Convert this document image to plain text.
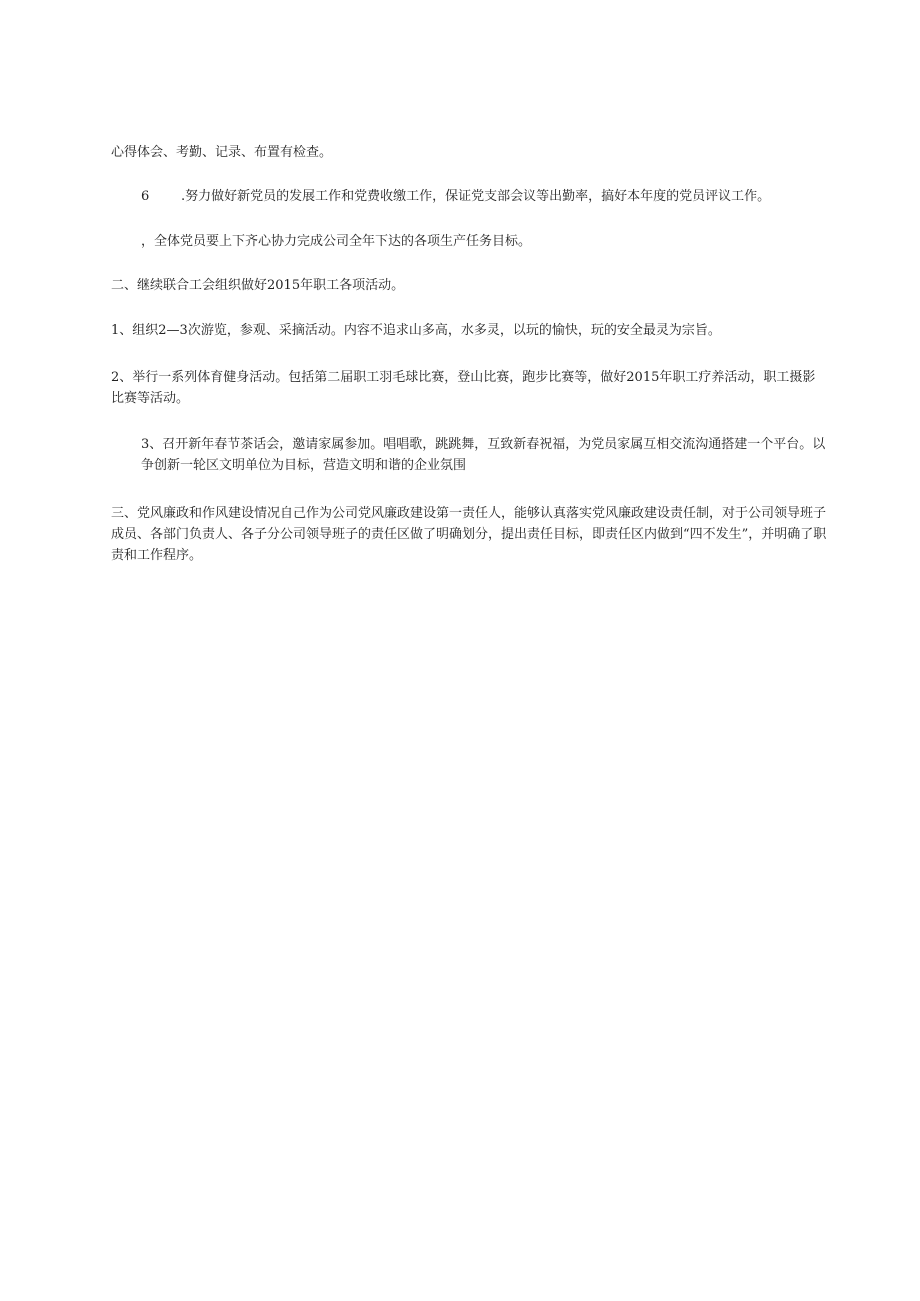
心得体会、考勤、记录、布置有检查。

6 .努力做好新党员的发展工作和党费收缴工作，保证党支部会议等出勤率，搞好本年度的党员评议工作。

，全体党员要上下齐心协力完成公司全年下达的各项生产任务目标。

二、继续联合工会组织做好2015年职工各项活动。

1、组织2—3次游览，参观、采摘活动。内容不追求山多高，水多灵，以玩的愉快，玩的安全最灵为宗旨。

2、举行一系列体育健身活动。包括第二届职工羽毛球比赛，登山比赛，跑步比赛等，做好2015年职工疗养活动，职工摄影比赛等活动。

3、召开新年春节茶话会，邀请家属参加。唱唱歌，跳跳舞，互致新春祝福，为党员家属互相交流沟通搭建一个平台。以争创新一轮区文明单位为目标，营造文明和谐的企业氛围

三、党风廉政和作风建设情况自己作为公司党风廉政建设第一责任人，能够认真落实党风廉政建设责任制，对于公司领导班子成员、各部门负责人、各子分公司领导班子的责任区做了明确划分，提出责任目标，即责任区内做到“四不发生”，并明确了职责和工作程序。
